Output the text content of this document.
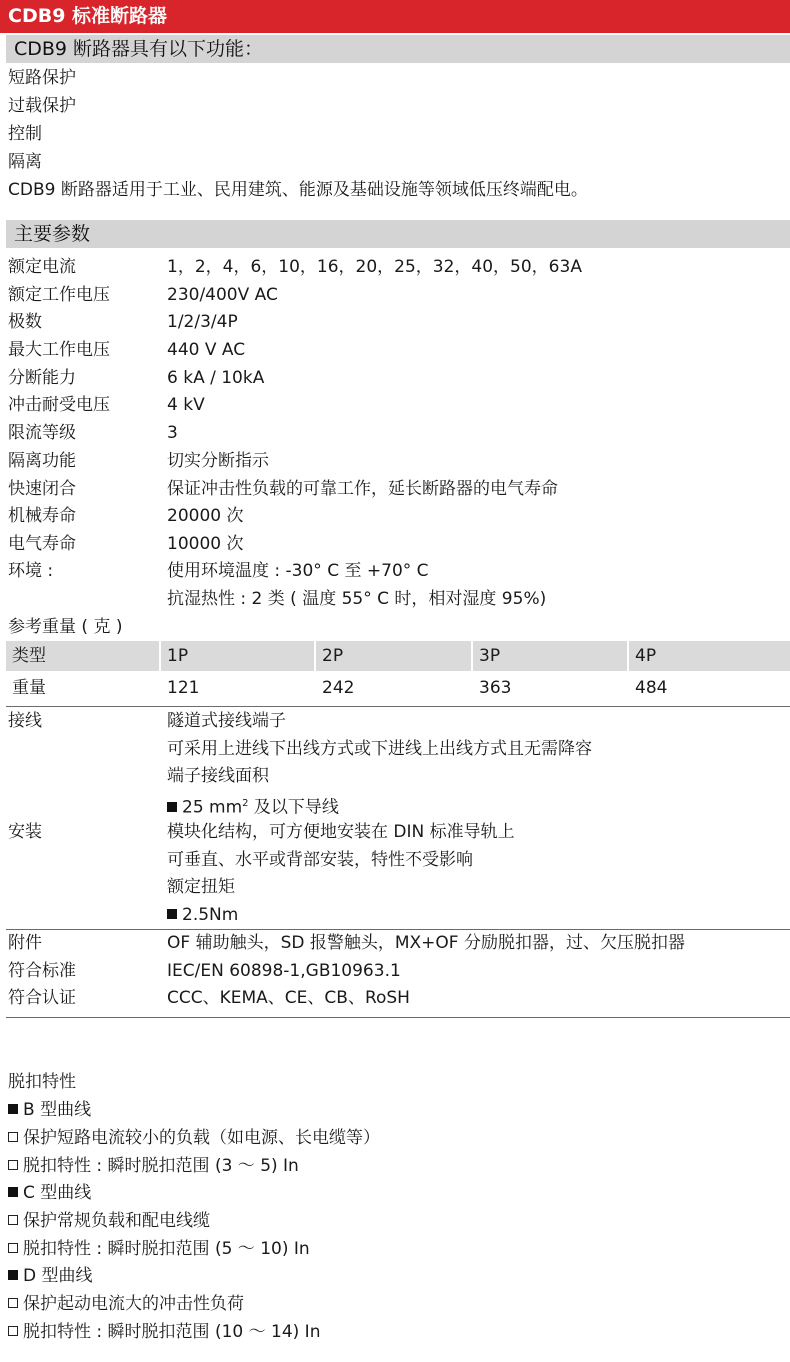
CDB9 标准断路器
CDB9 断路器具有以下功能：
短路保护
过载保护
控制
隔离
CDB9 断路器适用于工业、民用建筑、能源及基础设施等领域低压终端配电。
主要参数
额定电流	1，2，4，6，10，16，20，25，32，40，50，63A
额定工作电压	230/400V AC
极数	1/2/3/4P
最大工作电压	440 V AC
分断能力	6 kA / 10kA
冲击耐受电压	4 kV
限流等级	3
隔离功能	切实分断指示
快速闭合	保证冲击性负载的可靠工作，延长断路器的电气寿命
机械寿命	20000 次
电气寿命	10000 次
环境 :	使用环境温度 : -30° C 至 +70° C
抗湿热性 : 2 类 ( 温度 55° C 时，相对湿度 95%)
参考重量 ( 克 )
类型	1P	2P	3P	4P
重量	121	242	363	484
接线	隧道式接线端子
可采用上进线下出线方式或下进线上出线方式且无需降容
端子接线面积
25 $mm^2$ 及以下导线
安装	模块化结构，可方便地安装在 DIN 标准导轨上
可垂直、水平或背部安装，特性不受影响
额定扭矩
2.5Nm
附件	OF 辅助触头，SD 报警触头，MX+OF 分励脱扣器，过、欠压脱扣器
符合标准	IEC/EN 60898-1,GB10963.1
符合认证	CCC、KEMA、CE、CB、RoSH
脱扣特性
B 型曲线
保护短路电流较小的负载（如电源、长电缆等）
脱扣特性 : 瞬时脱扣范围 (3 ～ 5) In
C 型曲线
保护常规负载和配电线缆
脱扣特性 : 瞬时脱扣范围 (5 ～ 10) In
D 型曲线
保护起动电流大的冲击性负荷
脱扣特性 : 瞬时脱扣范围 (10 ～ 14) In
